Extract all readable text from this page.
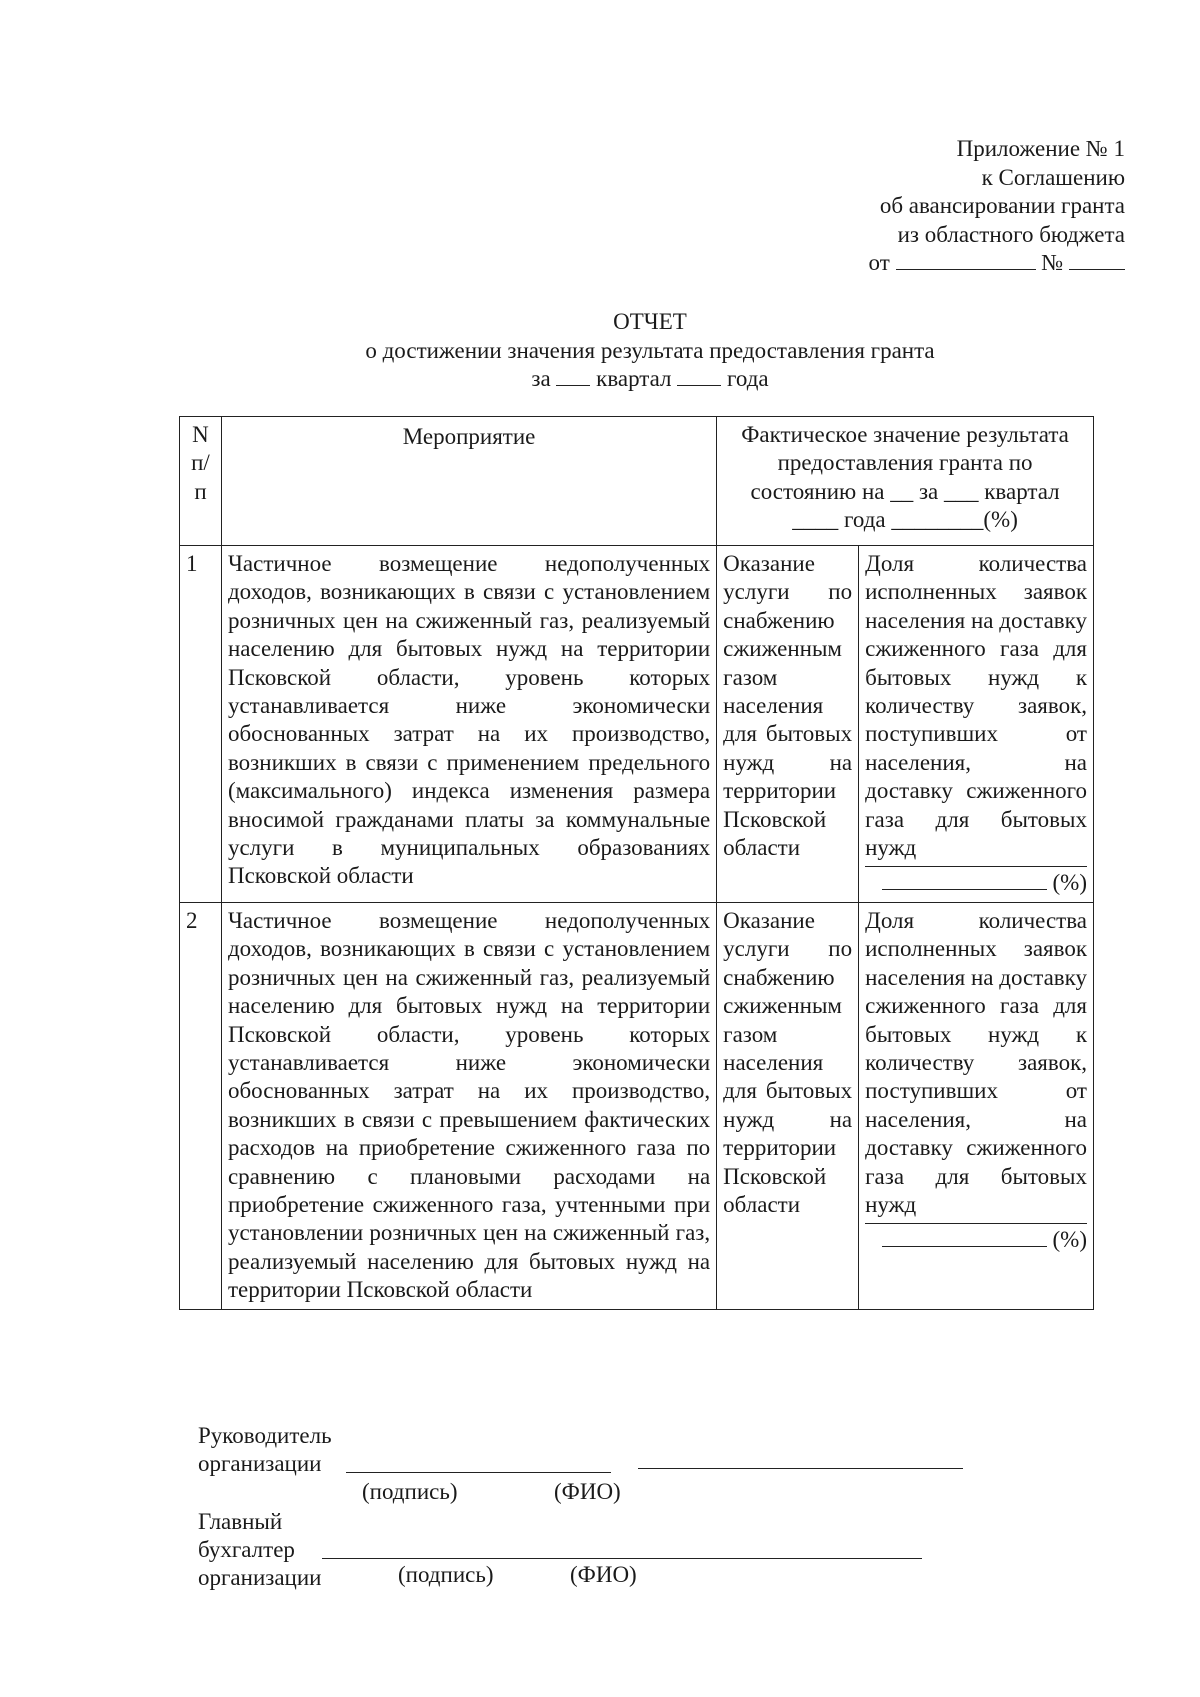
Приложение № 1
к Соглашению
об авансировании гранта
из областного бюджета
от	№
ОТЧЕТ
о достижении значения результата предоставления гранта
за квартал года
N п/п	Мероприятие	Фактическое значение результата
предоставления гранта по
состоянию на __ за ___ квартал
____ года ________(%)	

1	Частичное возмещение недополученных доходов, возникающих в связи с установлением розничных цен на сжиженный газ, реализуемый населению для бытовых нужд на территории Псковской области, уровень которых устанавливается ниже экономически обоснованных затрат на их производство, возникших в связи с применением предельного (максимального) индекса изменения размера вносимой гражданами платы за коммунальные услуги в муниципальных образованиях Псковской области	Оказание услуги по снабжению сжиженным газом населения для бытовых нужд на территории Псковской области	Доля количества исполненных заявок населения на доставку сжиженного газа для бытовых нужд к количеству заявок, поступивших от населения, на доставку сжиженного газа для бытовых нужд
(%)

2	Частичное возмещение недополученных доходов, возникающих в связи с установлением розничных цен на сжиженный газ, реализуемый населению для бытовых нужд на территории Псковской области, уровень которых устанавливается ниже экономически обоснованных затрат на их производство, возникших в связи с превышением фактических расходов на приобретение сжиженного газа по сравнению с плановыми расходами на приобретение сжиженного газа, учтенными при установлении розничных цен на сжиженный газ, реализуемый населению для бытовых нужд на территории Псковской области	Оказание услуги по снабжению сжиженным газом населения для бытовых нужд на территории Псковской области	Доля количества исполненных заявок населения на доставку сжиженного газа для бытовых нужд к количеству заявок, поступивших от населения, на доставку сжиженного газа для бытовых нужд
(%)
Руководитель
организации
(подпись)	(ФИО)
Главный
бухгалтер
организации	(подпись)	(ФИО)
